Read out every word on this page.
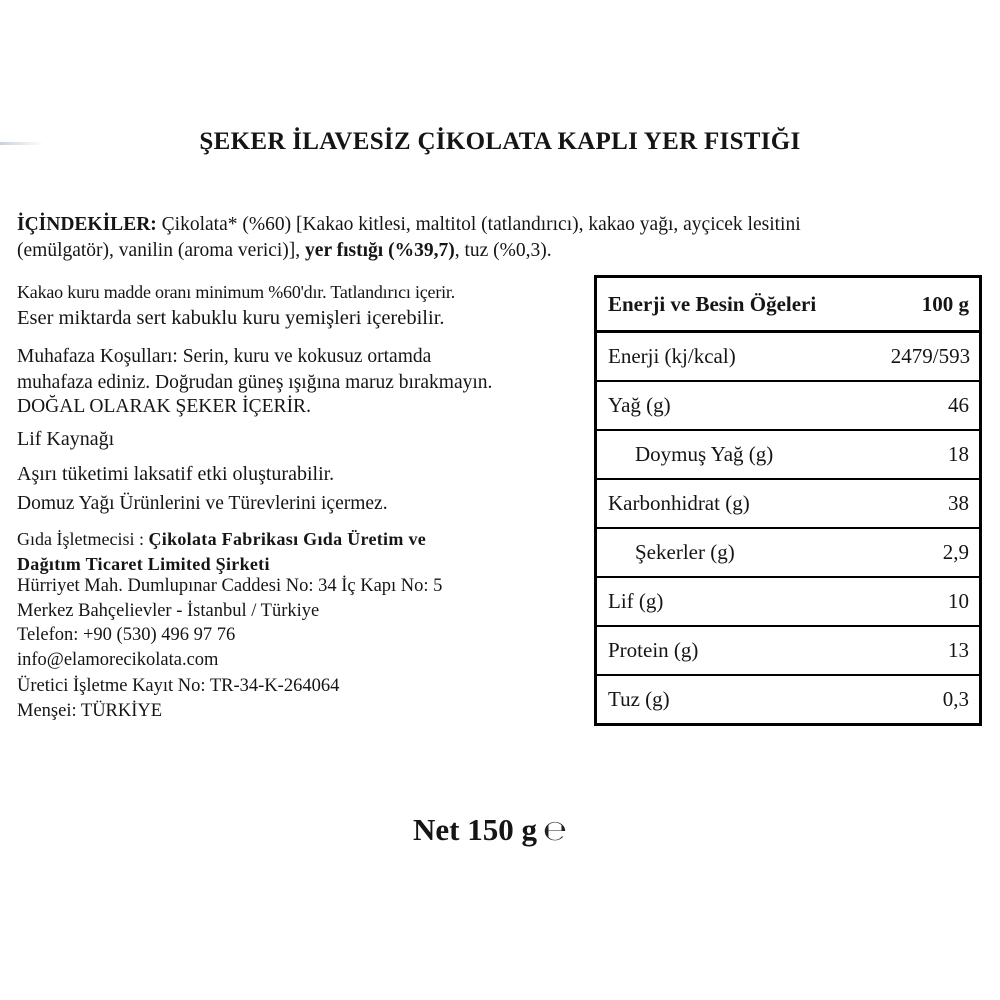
ŞEKER İLAVESİZ ÇİKOLATA KAPLI YER FISTIĞI
İÇİNDEKİLER: Çikolata* (%60) [Kakao kitlesi, maltitol (tatlandırıcı), kakao yağı, ayçicek lesitini
(emülgatör), vanilin (aroma verici)], yer fıstığı (%39,7), tuz (%0,3).
Kakao kuru madde oranı minimum %60'dır. Tatlandırıcı içerir.
Eser miktarda sert kabuklu kuru yemişleri içerebilir.
Muhafaza Koşulları: Serin, kuru ve kokusuz ortamda
muhafaza ediniz. Doğrudan güneş ışığına maruz bırakmayın.
DOĞAL OLARAK ŞEKER İÇERİR.
Lif Kaynağı
Aşırı tüketimi laksatif etki oluşturabilir.
Domuz Yağı Ürünlerini ve Türevlerini içermez.
Gıda İşletmecisi : Çikolata Fabrikası Gıda Üretim ve
Dağıtım Ticaret Limited Şirketi
Hürriyet Mah. Dumlupınar Caddesi No: 34 İç Kapı No: 5
Merkez Bahçelievler - İstanbul / Türkiye
Telefon: +90 (530) 496 97 76
info@elamorecikolata.com
Üretici İşletme Kayıt No: TR-34-K-264064
Menşei: TÜRKİYE
Enerji ve Besin Öğeleri	100 g
Enerji (kj/kcal)	2479/593
Yağ (g)	46
Doymuş Yağ (g)	18
Karbonhidrat (g)	38
Şekerler (g)	2,9
Lif (g)	10
Protein (g)	13
Tuz (g)	0,3
Net 150 g ℮
